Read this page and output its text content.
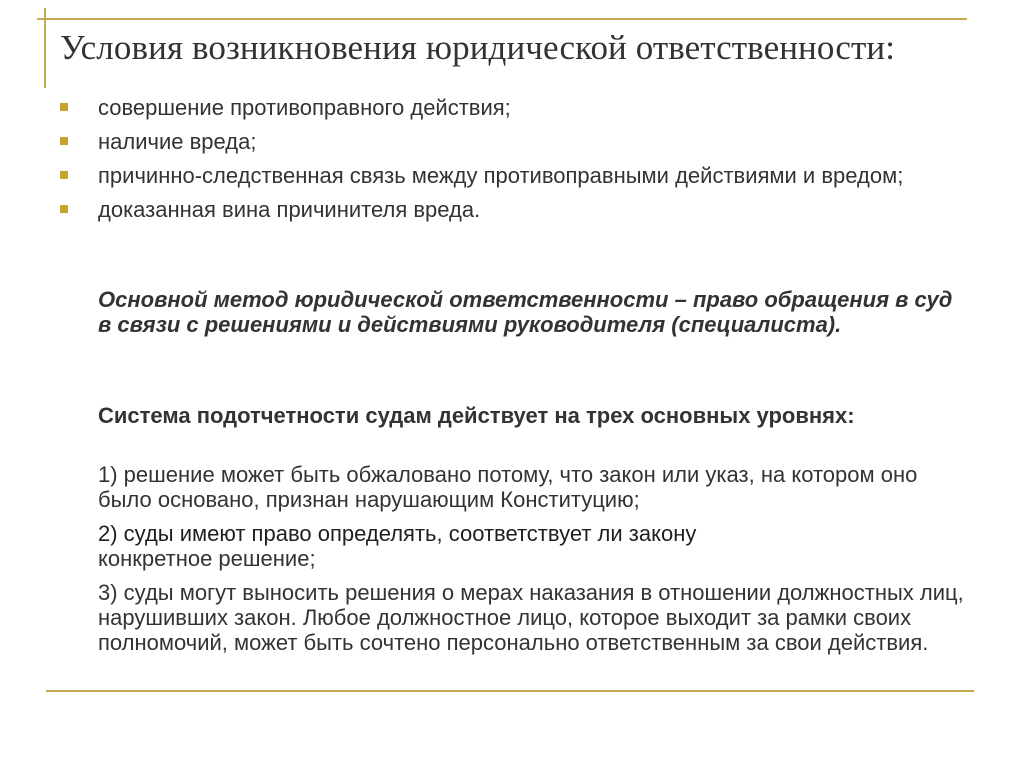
Условия возникновения юридической ответственности:
совершение противоправного действия;
наличие вреда;
причинно-следственная связь между противоправными действиями и вредом;
доказанная вина причинителя вреда.
Основной метод юридической ответственности – право обращения в суд в связи с решениями и действиями руководителя (специалиста).
Система подотчетности судам действует на трех основных уровнях:
1) решение может быть обжаловано потому, что закон или указ, на котором оно было основано, признан нарушающим Конституцию;
2) суды имеют право определять, соответствует ли закону
конкретное решение;
3) суды могут выносить решения о мерах наказания в отношении должностных лиц, нарушивших закон. Любое должностное лицо, которое выходит за рамки своих полномочий, может быть сочтено персонально ответственным за свои действия.
